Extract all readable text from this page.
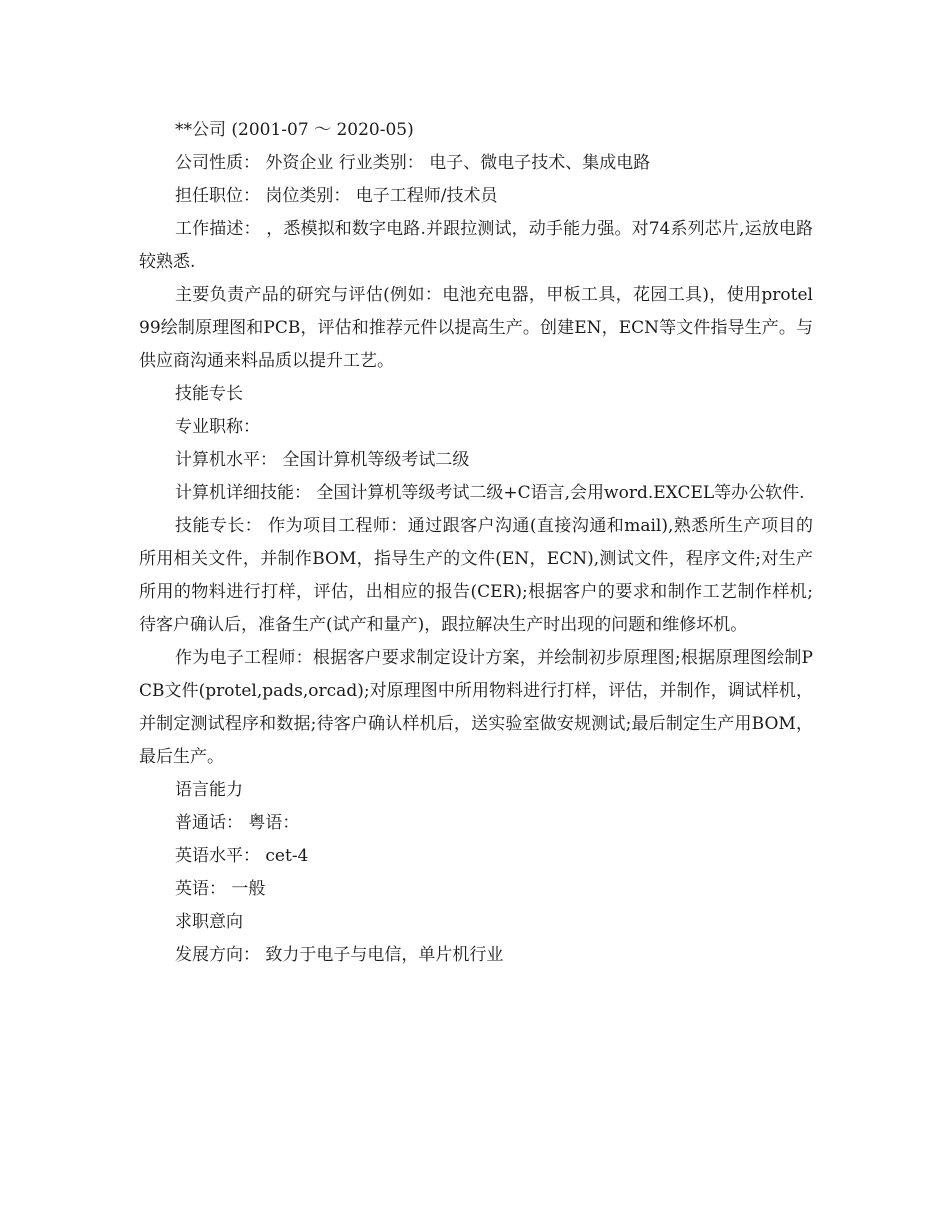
**公司 (2001-07 ～ 2020-05)

公司性质： 外资企业 行业类别： 电子、微电子技术、集成电路

担任职位： 岗位类别： 电子工程师/技术员

工作描述： ，悉模拟和数字电路.并跟拉测试，动手能力强。对74系列芯片,运放电路较熟悉.

主要负责产品的研究与评估(例如：电池充电器，甲板工具，花园工具)，使用protel 99绘制原理图和PCB，评估和推荐元件以提高生产。创建EN，ECN等文件指导生产。与供应商沟通来料品质以提升工艺。

技能专长

专业职称：

计算机水平： 全国计算机等级考试二级

计算机详细技能： 全国计算机等级考试二级+C语言,会用word.EXCEL等办公软件.

技能专长： 作为项目工程师：通过跟客户沟通(直接沟通和mail),熟悉所生产项目的所用相关文件，并制作BOM，指导生产的文件(EN，ECN),测试文件，程序文件;对生产所用的物料进行打样，评估，出相应的报告(CER);根据客户的要求和制作工艺制作样机;待客户确认后，准备生产(试产和量产)，跟拉解决生产时出现的问题和维修坏机。

作为电子工程师：根据客户要求制定设计方案，并绘制初步原理图;根据原理图绘制PCB文件(protel,pads,orcad);对原理图中所用物料进行打样，评估，并制作，调试样机，并制定测试程序和数据;待客户确认样机后，送实验室做安规测试;最后制定生产用BOM，最后生产。

语言能力

普通话： 粤语：

英语水平： cet-4

英语： 一般

求职意向

发展方向： 致力于电子与电信，单片机行业
